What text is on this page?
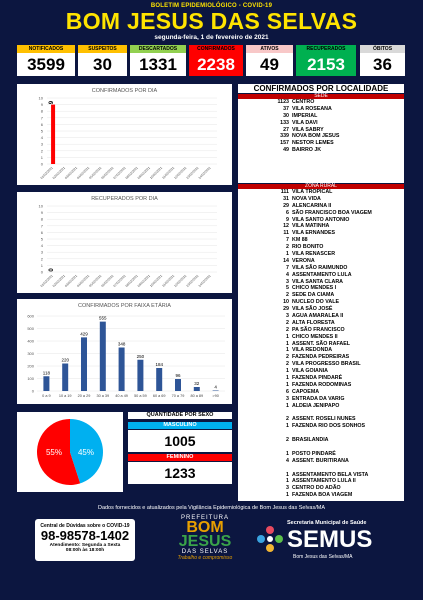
BOLETIM EPIDEMIOLÓGICO - COVID-19
BOM JESUS DAS SELVAS
segunda-feira, 1 de fevereiro de 2021
NOTIFICADOS
3599
SUSPEITOS
30
DESCARTADOS
1331
CONFIRMADOS
2238
ATIVOS
49
RECUPERADOS
2153
ÓBITOS
36
CONFIRMADOS POR DIA
0
1
2
3
4
5
6
7
8
9
10
01/02/2021
9
02/02/2021
03/02/2021
04/02/2021
05/02/2021
06/02/2021
07/02/2021
08/02/2021
09/02/2021
10/02/2021
11/02/2021
12/02/2021
13/02/2021
14/02/2021
RECUPERADOS POR DIA
0
1
2
3
4
5
6
7
8
9
10
01/02/2021
0
02/02/2021
03/02/2021
04/02/2021
05/02/2021
06/02/2021
07/02/2021
08/02/2021
09/02/2021
10/02/2021
11/02/2021
12/02/2021
13/02/2021
14/02/2021
CONFIRMADOS POR FAIXA ETÁRIA
0
100
200
300
400
500
600
118
0 a 9
220
10 a 19
429
20 a 29
555
30 a 39
348
40 a 49
250
50 a 59
184
60 a 69
96
70 a 79
32
80 a 89
4
>90
55% 45%
QUANTIDADE POR SEXO
MASCULINO
1005
FEMININO
1233
CONFIRMADOS POR LOCALIDADE
SEDE
1123 CENTRO
37 VILA ROSEANA
30 IMPERIAL
133 VILA DAVI
27 VILA SABRY
339 NOVA BOM JESUS
157 NESTOR LEMES
49 BAIRRO JK
ZONA RURAL
111 VILA TROPICAL
31 NOVA VIDA
29 ALENCARINA II
6 SÃO FRANCISCO BOA VIAGEM
9 VILA SANTO ANTONIO
12 VILA MATINHA
11 VILA ERNANDES
7 KM 88
2 RIO BONITO
1 VILA RENASCER
14 VERONA
7 VILA SÃO RAIMUNDO
4 ASSENTAMENTO LULA
3 VILA SANTA CLARA
5 CHICO MENDES I
2 SEDE DA CIAMA
10 NUCLEO DO VALE
29 VILA SÃO JOSÉ
3 AGUA AMARALEA II
2 ALTA FLORESTA
2 PA SÃO FRANCISCO
1 CHICO MENDES II
1 ASSENT. SÃO RAFAEL
1 VILA REDONDA
2 FAZENDA PEDREIRAS
2 VILA PROGRESSO BRASIL
1 VILA GOIANIA
1 FAZENDA PINDARÉ
1 FAZENDA RODOMINAS
6 CAPOEMA
3 ENTRADA DA VARIG
1 ALDEIA JENIPAPO
2 ASSENT. ROSELI NUNES
1 FAZENDA RIO DOS SONHOS
2 BRASILANDIA
1 POSTO PINDARÉ
4 ASSENT. BURITIRANA
1 ASSENTAMENTO BELA VISTA
1 ASSENTAMENTO LULA II
3 CENTRO DO ADÃO
1 FAZENDA BOA VIAGEM
Dados fornecidos e atualizados pela Vigilância Epidemiológica de Bom Jesus das Selvas/MA
Central de Dúvidas sobre o COVID-19
98-98578-1402
Atendimento: Segunda a Sexta
08:00h às 18:00h
PREFEITURA
BOM
JESUS
DAS SELVAS
Trabalho e compromisso
Secretaria Municipal de Saúde
SEMUS
Bom Jesus das Selvas/MA
